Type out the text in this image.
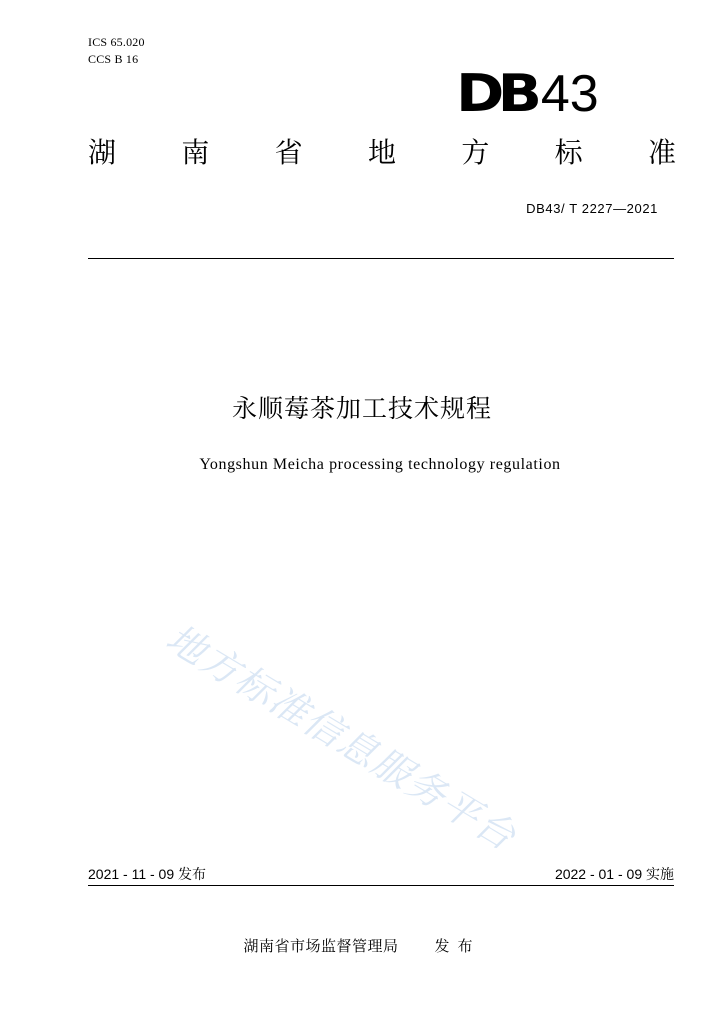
ICS 65.020
CCS B 16
DB 43
湖 南 省 地 方 标 准
DB43/ T 2227—2021
永顺莓茶加工技术规程
Yongshun Meicha processing technology regulation
地方标准信息服务平台
2021 - 11 - 09 发布	2022 - 01 - 09 实施
湖南省市场监督管理局 发布
